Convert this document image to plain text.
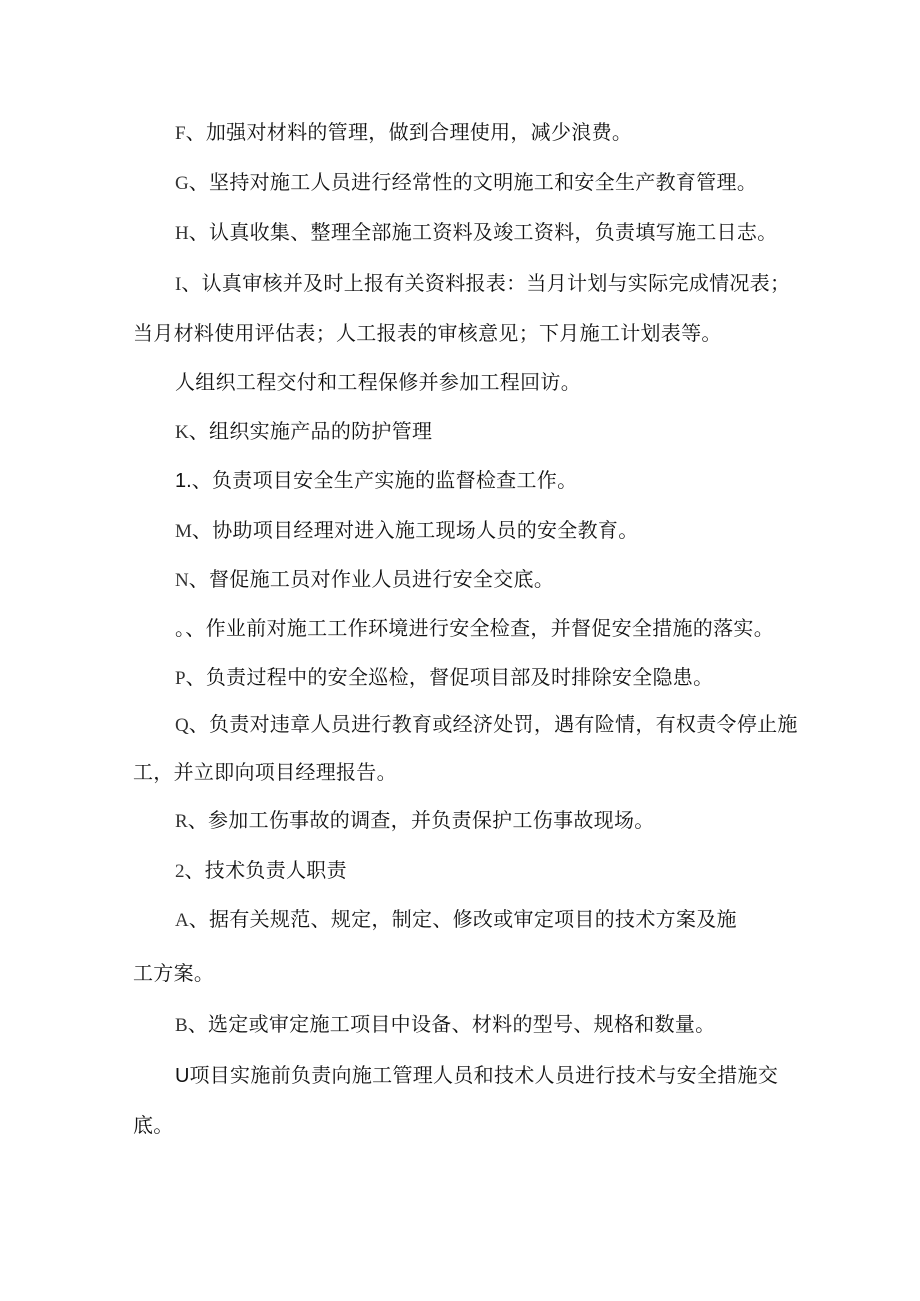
F、加强对材料的管理，做到合理使用，减少浪费。
G、坚持对施工人员进行经常性的文明施工和安全生产教育管理。
H、认真收集、整理全部施工资料及竣工资料，负责填写施工日志。
I、认真审核并及时上报有关资料报表：当月计划与实际完成情况表；
当月材料使用评估表；人工报表的审核意见；下月施工计划表等。
人组织工程交付和工程保修并参加工程回访。
K、组织实施产品的防护管理
1.、负责项目安全生产实施的监督检查工作。
M、协助项目经理对进入施工现场人员的安全教育。
N、督促施工员对作业人员进行安全交底。
。、作业前对施工工作环境进行安全检查，并督促安全措施的落实。
P、负责过程中的安全巡检，督促项目部及时排除安全隐患。
Q、负责对违章人员进行教育或经济处罚，遇有险情，有权责令停止施
工，并立即向项目经理报告。
R、参加工伤事故的调查，并负责保护工伤事故现场。
2、技术负责人职责
A、据有关规范、规定，制定、修改或审定项目的技术方案及施
工方案。
B、选定或审定施工项目中设备、材料的型号、规格和数量。
U项目实施前负责向施工管理人员和技术人员进行技术与安全措施交
底。
